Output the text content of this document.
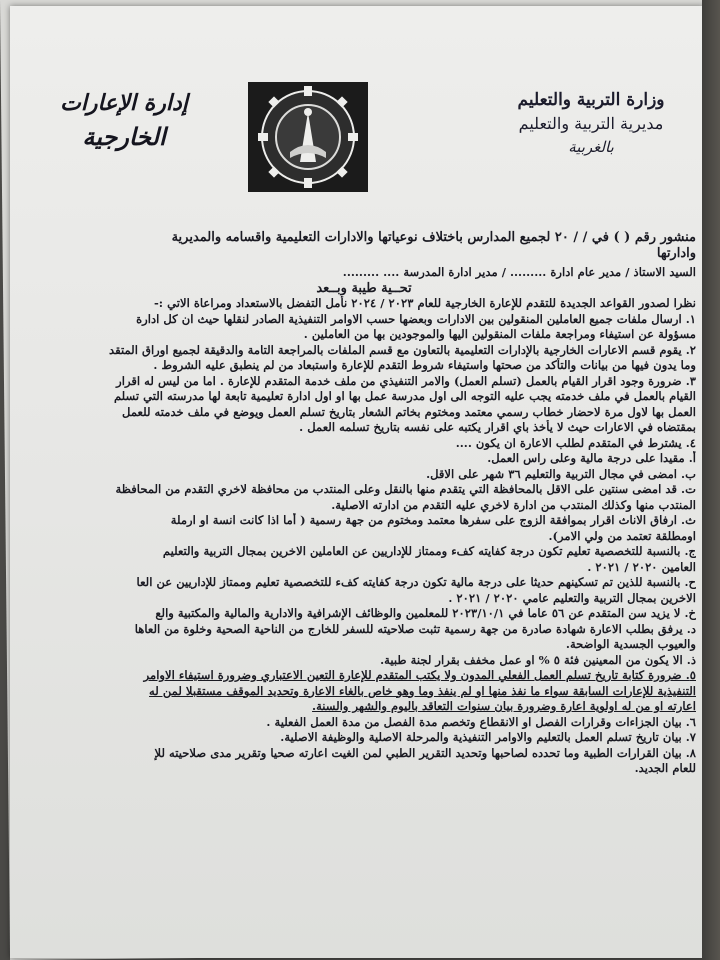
وزارة التربية والتعليم
مديرية التربية والتعليم
بالغربية
إدارة الإعارات
الخارجية
منشور رقم ( ) في / / ٢٠ لجميع المدارس باختلاف نوعياتها والادارات التعليمية واقسامه والمديرية
وادارتها
السيد الاستاذ / مدير عام ادارة ......... / مدير ادارة المدرسة .... .........
تحــية طيبة وبــعد
نظرا لصدور القواعد الجديدة للتقدم للإعارة الخارجية للعام ٢٠٢٣ / ٢٠٢٤ نأمل التفضل بالاستعداد ومراعاة الاتي :-
١. ارسال ملفات جميع العاملين المنقولين بين الادارات وبعضها حسب الاوامر التنفيذية الصادر لنقلها حيث ان كل ادارة
مسؤولة عن استيفاء ومراجعة ملفات المنقولين اليها والموجودين بها من العاملين .
٢. يقوم قسم الاعارات الخارجية بالإدارات التعليمية بالتعاون مع قسم الملفات بالمراجعة التامة والدقيقة لجميع اوراق المتقد
وما يدون فيها من بيانات والتأكد من صحتها واستيفاء شروط التقدم للإعارة واستبعاد من لم ينطبق عليه الشروط .
٣. ضرورة وجود اقرار القيام بالعمل (تسلم العمل) والامر التنفيذي من ملف خدمة المتقدم للإعارة . اما من ليس له اقرار
القيام بالعمل في ملف خدمته يجب عليه التوجه الى اول مدرسة عمل بها او اول ادارة تعليمية تابعة لها مدرسته التي تسلم
العمل بها لاول مرة لاحضار خطاب رسمي معتمد ومختوم بخاتم الشعار بتاريخ تسلم العمل ويوضع في ملف خدمته للعمل
بمقتضاه في الاعارات حيث لا يأخذ باي اقرار يكتبه على نفسه بتاريخ تسلمه العمل .
٤. يشترط في المتقدم لطلب الاعارة ان يكون ....
أ. مقيدا على درجة مالية وعلى راس العمل.
ب. امضى في مجال التربية والتعليم ٣٦ شهر على الاقل.
ت. قد امضى سنتين على الاقل بالمحافظة التي يتقدم منها بالنقل وعلى المنتدب من محافظة لاخري التقدم من المحافظة
المنتدب منها وكذلك المنتدب من ادارة لاخري عليه التقدم من ادارته الاصلية.
ث. ارفاق الاناث اقرار بموافقة الزوج على سفرها معتمد ومختوم من جهة رسمية ( أما اذا كانت انسة او ارملة
اومطلقة تعتمد من ولي الامر).
ج. بالنسبة للتخصصية تعليم تكون درجة كفايته كفء وممتاز للإداريين عن العاملين الاخرين بمجال التربية والتعليم
العامين ٢٠٢٠ / ٢٠٢١ .
ح. بالنسبة للذين تم تسكينهم حديثا على درجة مالية تكون درجة كفايته كفء للتخصصية تعليم وممتاز للإداريين عن العا
الاخرين بمجال التربية والتعليم عامي ٢٠٢٠ / ٢٠٢١ .
خ. لا يزيد سن المتقدم عن ٥٦ عاما في ٢٠٢٣/١٠/١ للمعلمين والوظائف الإشرافية والادارية والمالية والمكتبية والع
د. يرفق بطلب الاعارة شهادة صادرة من جهة رسمية تثبت صلاحيته للسفر للخارج من الناحية الصحية وخلوة من العاها
والعيوب الجسدية الواضحة.
ذ. الا يكون من المعينين فئة ٥ % او عمل مخفف بقرار لجنة طبية.
٥. ضرورة كتابة تاريخ تسلم العمل الفعلي المدون ولا يكتب المتقدم للإعارة التعين الاعتباري وضرورة استيفاء الاوامر
التنفيذية للإعارات السابقة سواء ما نفذ منها او لم ينفذ وما وهو خاص بالغاء الاعارة وتحديد الموقف مستقبلا لمن له
اعارته او من له اولوية اعارة وضرورة بيان سنوات التعاقد باليوم والشهر والسنة.
٦. بيان الجزاءات وقرارات الفصل او الانقطاع وتخصم مدة الفصل من مدة العمل الفعلية .
٧. بيان تاريخ تسلم العمل بالتعليم والاوامر التنفيذية والمرحلة الاصلية والوظيفة الاصلية.
٨. بيان القرارات الطبية وما تحدده لصاحبها وتحديد التقرير الطبي لمن الغيت اعارته صحيا وتقرير مدى صلاحيته للإ
للعام الجديد.
